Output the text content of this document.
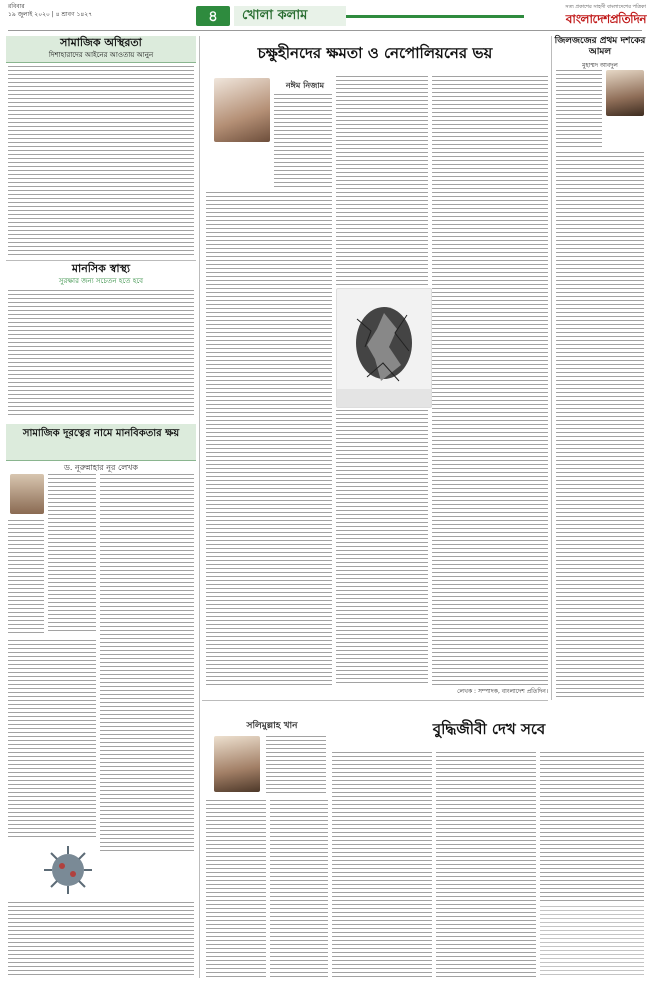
রবিবার
১৯ জুলাই ২০২০ | ৪ শ্রাবণ ১৪২৭	৪	খোলা কলাম
সত্য প্রকাশের সাহসী বাংলাদেশের পত্রিকা
বাংলাদেশপ্রতিদিন
সামাজিক অস্থিরতা
দিশাহারাদের আইনের আওতায় আনুন
মানসিক স্বাস্থ্য
সুরক্ষার জন্য সচেতন হতে হবে
সামাজিক দূরত্বের নামে মানবিকতার ক্ষয়
ড. নূরুন্নাহার নূর লেখক
চক্ষুহীনদের ক্ষমতা ও নেপোলিয়নের ভয়
নঈম নিজাম
লেখক : সম্পাদক, বাংলাদেশ প্রতিদিন।
বুদ্ধিজীবী দেখ সবে
সলিমুল্লাহ খান
জিলজজের প্রথম দশকের আমল
মুহাম্মদ আবদুল
